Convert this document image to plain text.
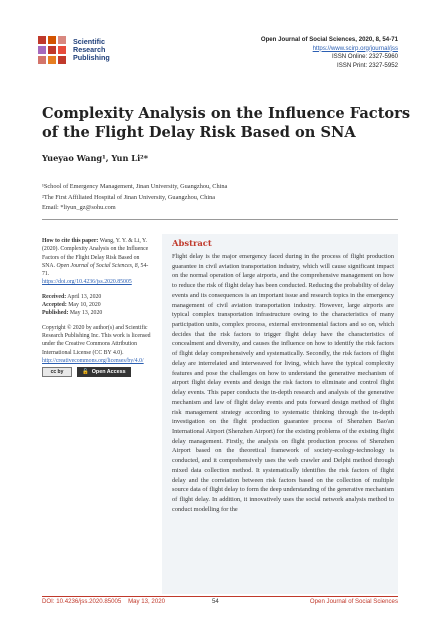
Scientific
Research
Publishing
Open Journal of Social Sciences, 2020, 8, 54-71
https://www.scirp.org/journal/jss
ISSN Online: 2327-5960
ISSN Print: 2327-5952
Complexity Analysis on the Influence Factors of the Flight Delay Risk Based on SNA
Yueyao Wang¹, Yun Li²*
¹School of Emergency Management, Jinan University, Guangzhou, China
²The First Affiliated Hospital of Jinan University, Guangzhou, China
Email: *liyun_gz@sohu.com
How to cite this paper: Wang, Y. Y. & Li, Y. (2020). Complexity Analysis on the Influence Factors of the Flight Delay Risk Based on SNA. Open Journal of Social Sciences, 8, 54-71.
https://doi.org/10.4236/jss.2020.85005
Received: April 13, 2020
Accepted: May 10, 2020
Published: May 13, 2020
Copyright © 2020 by author(s) and Scientific Research Publishing Inc. This work is licensed under the Creative Commons Attribution International License (CC BY 4.0).
http://creativecommons.org/licenses/by/4.0/
cc by	🔓 Open Access
Abstract
Flight delay is the major emergency faced during in the process of flight production guarantee in civil aviation transportation industry, which will cause significant impact on the normal operation of large airports, and the comprehensive management on how to reduce the risk of flight delay has been conducted. Reducing the probability of delay events and its consequences is an important issue and research topics in the emergency management of civil aviation transportation industry. However, large airports are typical complex transportation infrastructure owing to the characteristics of many participation units, complex process, external environmental factors and so on, which decides that the risk factors to trigger flight delay have the characteristics of concealment and diversity, and causes the influence on how to identify the risk factors of flight delay comprehensively and systematically. Secondly, the risk factors of flight delay are interrelated and interweaved for living, which have the typical complexity features and pose the challenges on how to understand the generative mechanism of airport flight delay events and design the risk factors to eliminate and control flight delay events. This paper conducts the in-depth research and analysis of the generative mechanism and law of flight delay events and puts forward design method of flight risk management strategy according to systematic thinking through the in-depth investigation on the flight production guarantee process of Shenzhen Bao'an International Airport (Shenzhen Airport) for the existing problems of the existing flight delay management. Firstly, the analysis on flight production process of Shenzhen Airport based on the theoretical framework of society-ecology-technology is conducted, and it comprehensively uses the web crawler and Delphi method through mixed data collection method. It systematically identifies the risk factors of flight delay and the correlation between risk factors based on the collection of multiple source data of flight delay to form the deep understanding of the generative mechanism of flight delay. In addition, it innovatively uses the social network analysis method to conduct modelling for the
DOI: 10.4236/jss.2020.85005 May 13, 2020	54	Open Journal of Social Sciences
